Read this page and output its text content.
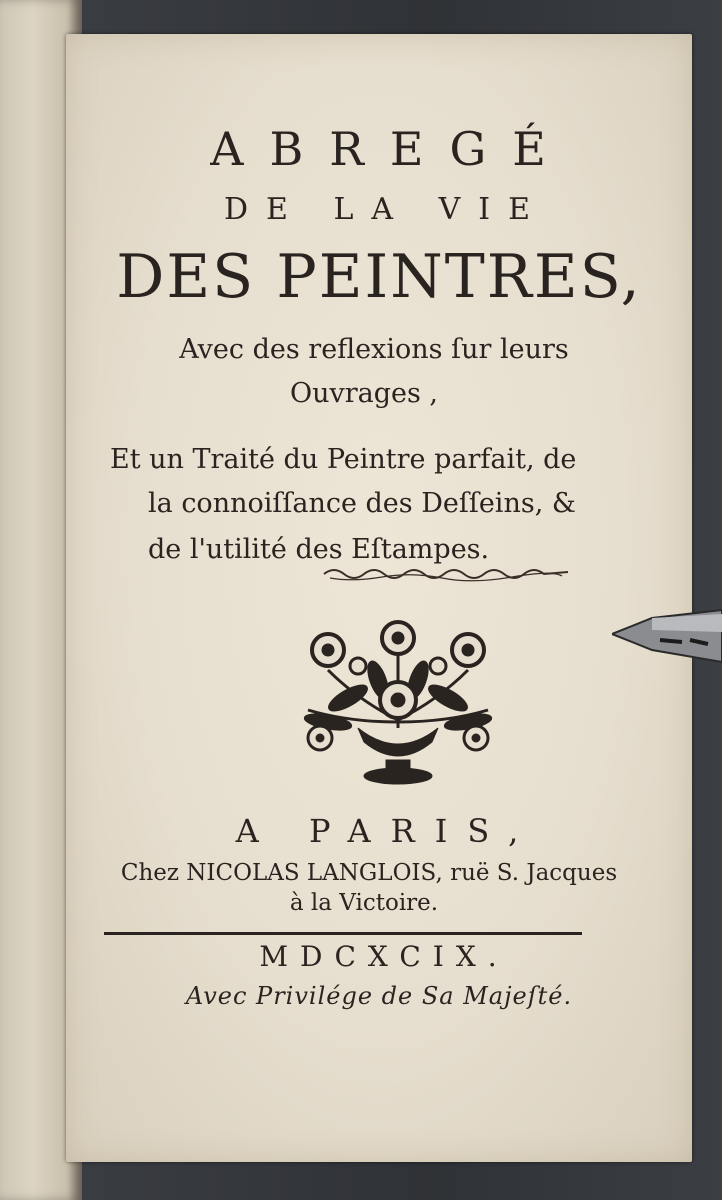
ABREGÉ
DE LA VIE
DES PEINTRES,
Avec des reflexions ſur leurs
Ouvrages ,
Et un Traité du Peintre parfait, de
la connoiſſance des Deſſeins, &
de l'utilité des Eſtampes.
A PARIS,
Chez NICOLAS LANGLOIS, ruë S. Jacques
à la Victoire.
MDCXCIX.
Avec Privilége de Sa Majeſté.
